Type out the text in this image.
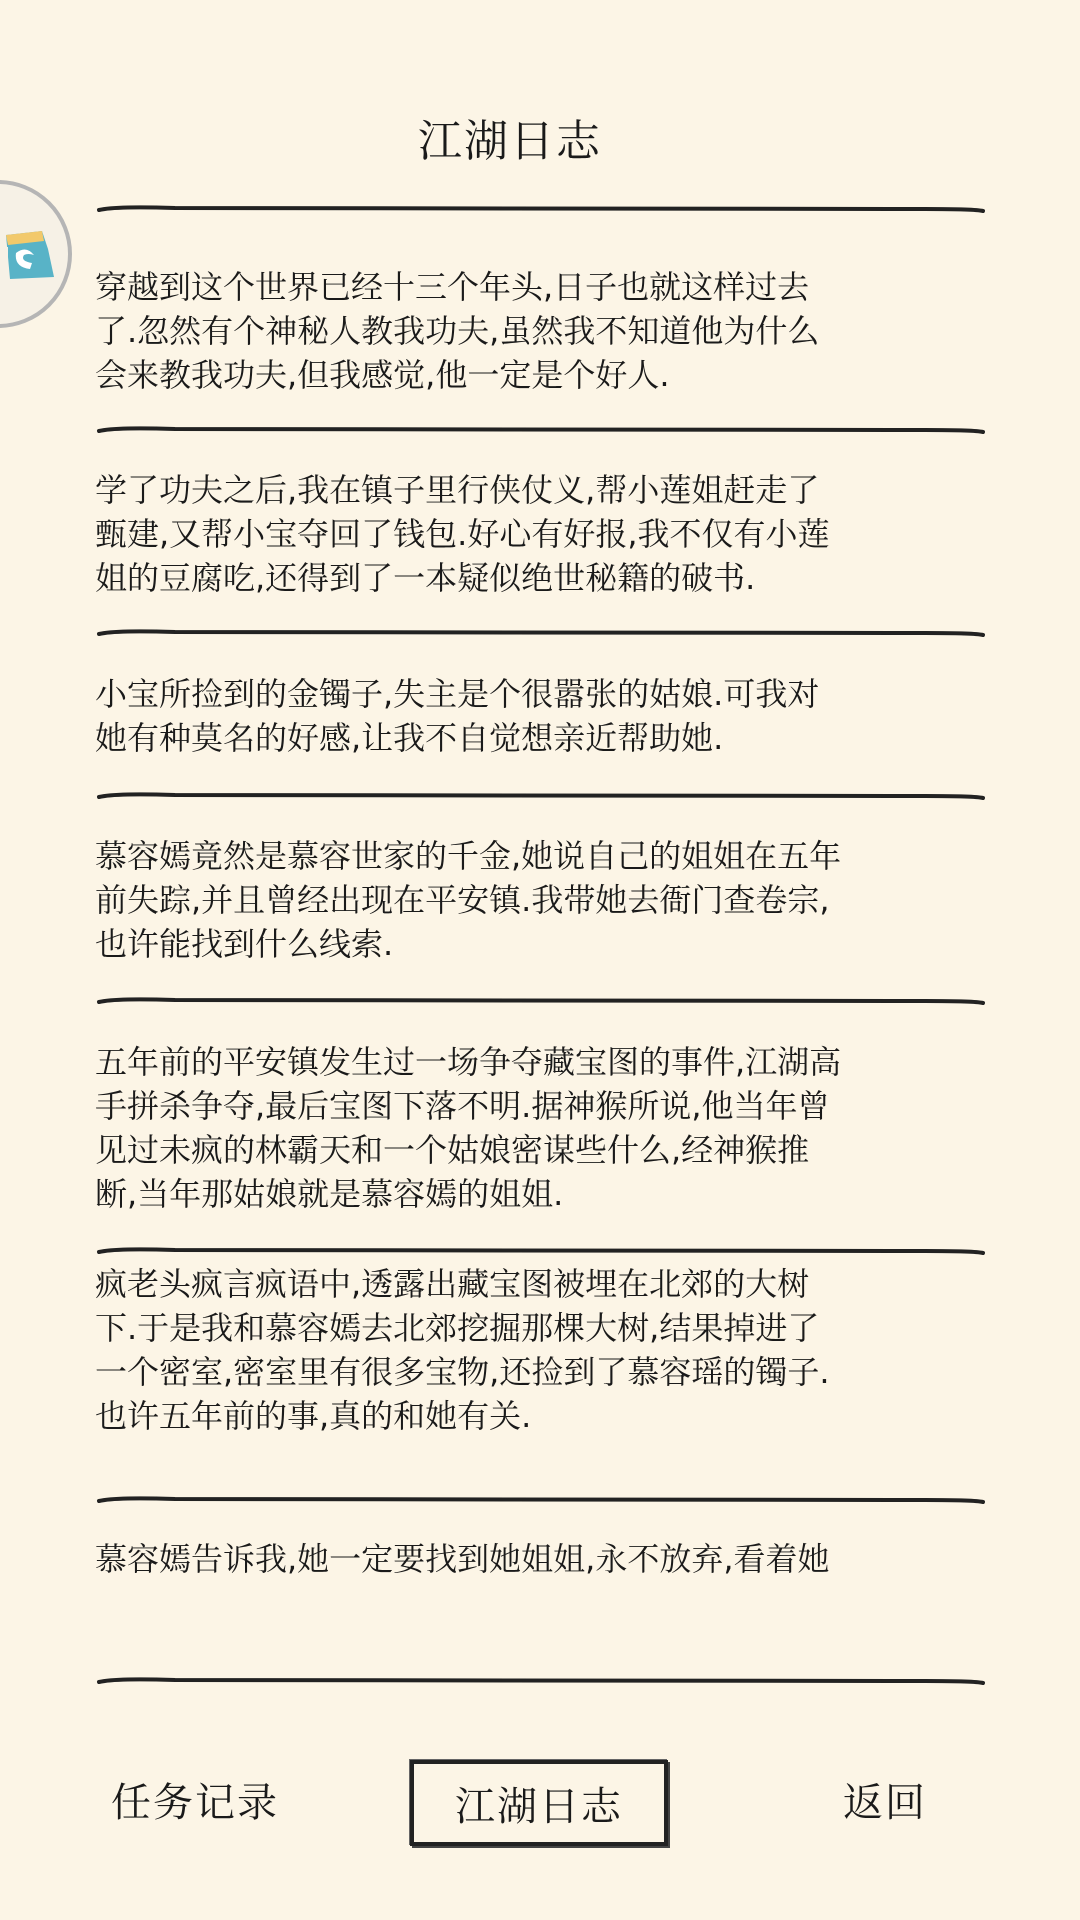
江湖日志
穿越到这个世界已经十三个年头,日子也就这样过去
了.忽然有个神秘人教我功夫,虽然我不知道他为什么
会来教我功夫,但我感觉,他一定是个好人.
学了功夫之后,我在镇子里行侠仗义,帮小莲姐赶走了
甄建,又帮小宝夺回了钱包.好心有好报,我不仅有小莲
姐的豆腐吃,还得到了一本疑似绝世秘籍的破书.
小宝所捡到的金镯子,失主是个很嚣张的姑娘.可我对
她有种莫名的好感,让我不自觉想亲近帮助她.
慕容嫣竟然是慕容世家的千金,她说自己的姐姐在五年
前失踪,并且曾经出现在平安镇.我带她去衙门查卷宗,
也许能找到什么线索.
五年前的平安镇发生过一场争夺藏宝图的事件,江湖高
手拼杀争夺,最后宝图下落不明.据神猴所说,他当年曾
见过未疯的林霸天和一个姑娘密谋些什么,经神猴推
断,当年那姑娘就是慕容嫣的姐姐.
疯老头疯言疯语中,透露出藏宝图被埋在北郊的大树
下.于是我和慕容嫣去北郊挖掘那棵大树,结果掉进了
一个密室,密室里有很多宝物,还捡到了慕容瑶的镯子.
也许五年前的事,真的和她有关.
慕容嫣告诉我,她一定要找到她姐姐,永不放弃,看着她
任务记录	江湖日志	返回
